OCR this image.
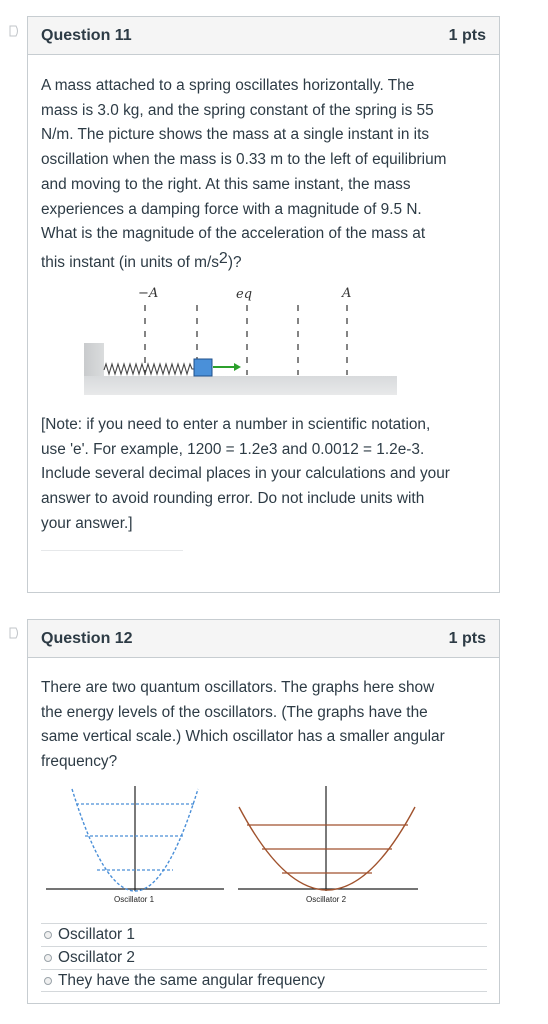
Question 11	1 pts
A mass attached to a spring oscillates horizontally. The
mass is 3.0 kg, and the spring constant of the spring is 55
N/m. The picture shows the mass at a single instant in its
oscillation when the mass is 0.33 m to the left of equilibrium
and moving to the right. At this same instant, the mass
experiences a damping force with a magnitude of 9.5 N.
What is the magnitude of the acceleration of the mass at
this instant (in units of m/s2)?
−A	eq	A
[Note: if you need to enter a number in scientific notation,
use 'e'. For example, 1200 = 1.2e3 and 0.0012 = 1.2e-3.
Include several decimal places in your calculations and your
answer to avoid rounding error. Do not include units with
your answer.]
Question 12	1 pts
There are two quantum oscillators. The graphs here show
the energy levels of the oscillators. (The graphs have the
same vertical scale.) Which oscillator has a smaller angular
frequency?
Oscillator 1	Oscillator 2
Oscillator 1
Oscillator 2
They have the same angular frequency
